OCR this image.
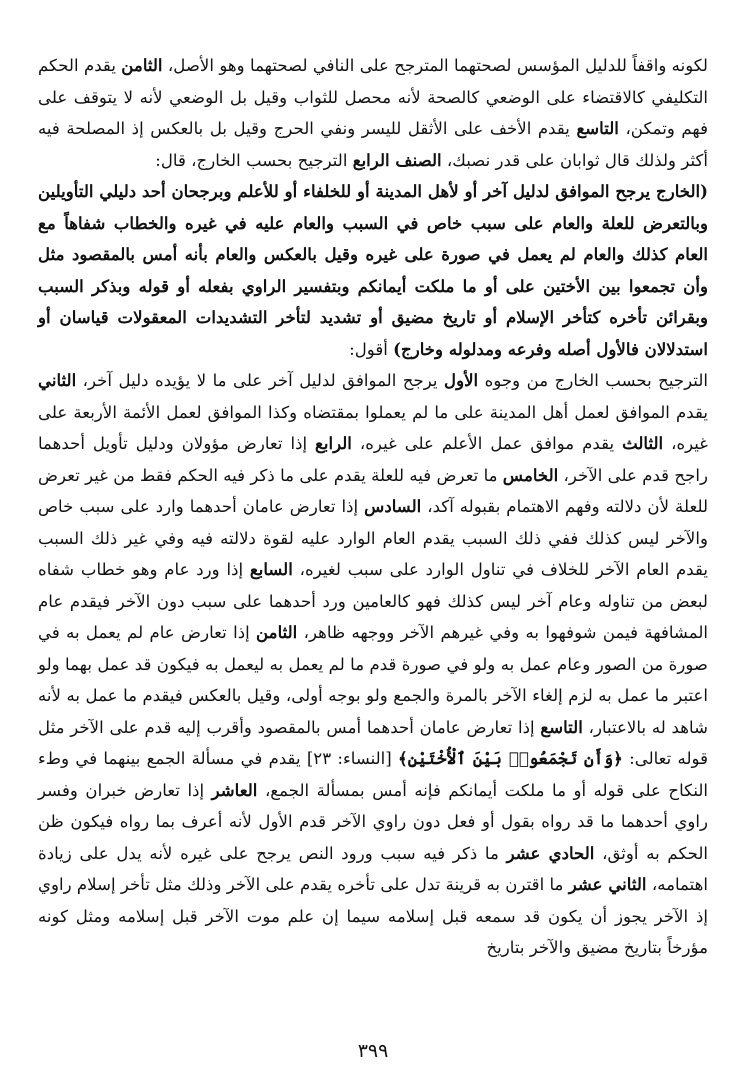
لكونه واقفاً للدليل المؤسس لصحتهما المترجح على النافي لصحتهما وهو الأصل، الثامن يقدم الحكم التكليفي كالاقتضاء على الوضعي كالصحة لأنه محصل للثواب وقيل بل الوضعي لأنه لا يتوقف على فهم وتمكن، التاسع يقدم الأخف على الأثقل لليسر ونفي الحرج وقيل بل بالعكس إذ المصلحة فيه أكثر ولذلك قال ثوابان على قدر نصبك، الصنف الرابع الترجيح بحسب الخارج، قال:

(الخارج يرجح الموافق لدليل آخر أو لأهل المدينة أو للخلفاء أو للأعلم وبرجحان أحد دليلي التأويلين وبالتعرض للعلة والعام على سبب خاص في السبب والعام عليه في غيره والخطاب شفاهاً مع العام كذلك والعام لم يعمل في صورة على غيره وقيل بالعكس والعام بأنه أمس بالمقصود مثل وأن تجمعوا بين الأختين على أو ما ملكت أيمانكم وبتفسير الراوي بفعله أو قوله وبذكر السبب وبقرائن تأخره كتأخر الإسلام أو تاريخ مضيق أو تشديد لتأخر التشديدات المعقولات قياسان أو استدلالان فالأول أصله وفرعه ومدلوله وخارج) أقول:

الترجيح بحسب الخارج من وجوه الأول يرجح الموافق لدليل آخر على ما لا يؤيده دليل آخر، الثاني يقدم الموافق لعمل أهل المدينة على ما لم يعملوا بمقتضاه وكذا الموافق لعمل الأئمة الأربعة على غيره، الثالث يقدم موافق عمل الأعلم على غيره، الرابع إذا تعارض مؤولان ودليل تأويل أحدهما راجح قدم على الآخر، الخامس ما تعرض فيه للعلة يقدم على ما ذكر فيه الحكم فقط من غير تعرض للعلة لأن دلالته وفهم الاهتمام بقبوله آكد، السادس إذا تعارض عامان أحدهما وارد على سبب خاص والآخر ليس كذلك ففي ذلك السبب يقدم العام الوارد عليه لقوة دلالته فيه وفي غير ذلك السبب يقدم العام الآخر للخلاف في تناول الوارد على سبب لغيره، السابع إذا ورد عام وهو خطاب شفاه لبعض من تناوله وعام آخر ليس كذلك فهو كالعامين ورد أحدهما على سبب دون الآخر فيقدم عام المشافهة فيمن شوفهوا به وفي غيرهم الآخر ووجهه ظاهر، الثامن إذا تعارض عام لم يعمل به في صورة من الصور وعام عمل به ولو في صورة قدم ما لم يعمل به ليعمل به فيكون قد عمل بهما ولو اعتبر ما عمل به لزم إلغاء الآخر بالمرة والجمع ولو بوجه أولى، وقيل بالعكس فيقدم ما عمل به لأنه شاهد له بالاعتبار، التاسع إذا تعارض عامان أحدهما أمس بالمقصود وأقرب إليه قدم على الآخر مثل قوله تعالى: ﴿وَأَن تَجْمَعُوا۟ بَيْنَ ٱلْأُخْتَيْنِ﴾ [النساء: ٢٣] يقدم في مسألة الجمع بينهما في وطء النكاح على قوله أو ما ملكت أيمانكم فإنه أمس بمسألة الجمع، العاشر إذا تعارض خبران وفسر راوي أحدهما ما قد رواه بقول أو فعل دون راوي الآخر قدم الأول لأنه أعرف بما رواه فيكون ظن الحكم به أوثق، الحادي عشر ما ذكر فيه سبب ورود النص يرجح على غيره لأنه يدل على زيادة اهتمامه، الثاني عشر ما اقترن به قرينة تدل على تأخره يقدم على الآخر وذلك مثل تأخر إسلام راوي إذ الآخر يجوز أن يكون قد سمعه قبل إسلامه سيما إن علم موت الآخر قبل إسلامه ومثل كونه مؤرخاً بتاريخ مضيق والآخر بتاريخ

٣٩٩
